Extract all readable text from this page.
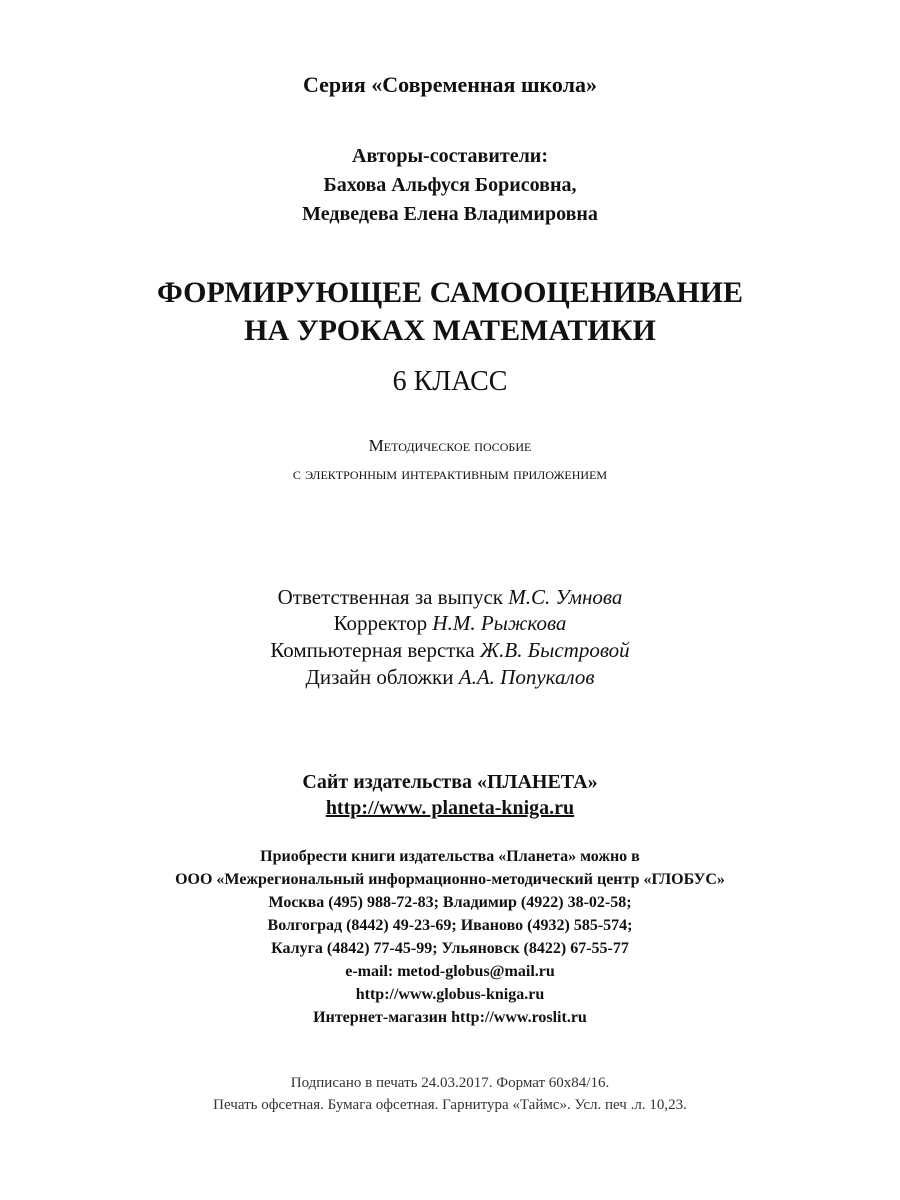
Серия «Современная школа»
Авторы-составители:
Бахова Альфуся Борисовна,
Медведева Елена Владимировна
ФОРМИРУЮЩЕЕ САМООЦЕНИВАНИЕ
НА УРОКАХ МАТЕМАТИКИ
6 КЛАСС
Методическое пособие
с электронным интерактивным приложением
Ответственная за выпуск М.С. Умнова
Корректор Н.М. Рыжкова
Компьютерная верстка Ж.В. Быстровой
Дизайн обложки А.А. Попукалов
Сайт издательства «ПЛАНЕТА»
http://www. planeta-kniga.ru
Приобрести книги издательства «Планета» можно в
ООО «Межрегиональный информационно-методический центр «ГЛОБУС»
Москва (495) 988-72-83; Владимир (4922) 38-02-58;
Волгоград (8442) 49-23-69; Иваново (4932) 585-574;
Калуга (4842) 77-45-99; Ульяновск (8422) 67-55-77
e-mail: metod-globus@mail.ru
http://www.globus-kniga.ru
Интернет-магазин http://www.roslit.ru
Подписано в печать 24.03.2017. Формат 60x84/16.
Печать офсетная. Бумага офсетная. Гарнитура «Таймс». Усл. печ .л. 10,23.
